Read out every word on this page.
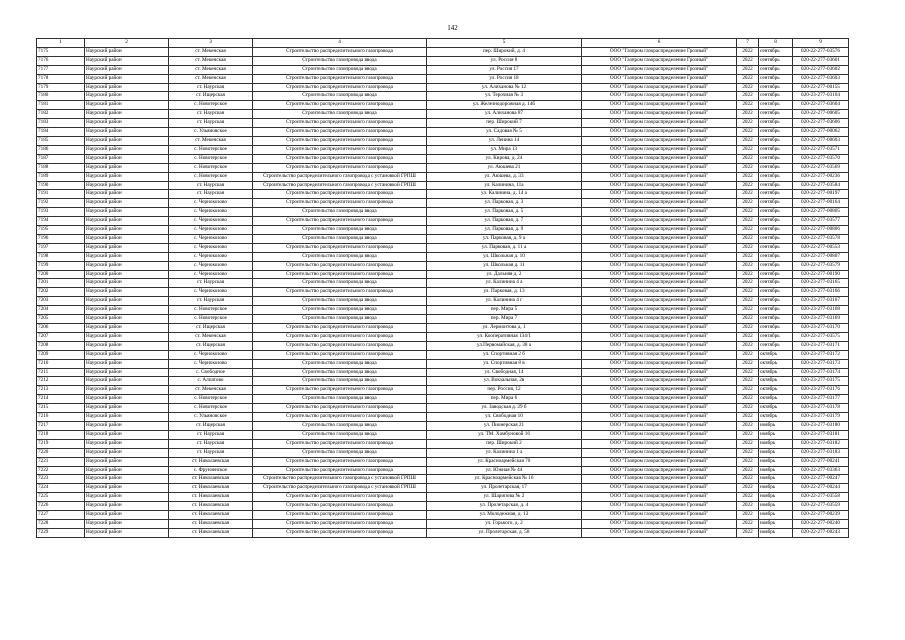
142
1	2	3	4	5	6	7	8	9
7175	Наурский район	ст. Мекенская	Строительство распределительного газопровода	пер. Широкий, д. 4	ООО "Газпром газораспределение Грозный"	2022	сентябрь	020-22-277-03576
7176	Наурский район	ст. Мекенская	Строительство газопровода ввода	ул. Россия 8	ООО "Газпром газораспределение Грозный"	2022	сентябрь	020-22-277-03601
7177	Наурский район	ст. Мекенская	Строительство газопровода ввода	ул. Россия 17	ООО "Газпром газораспределение Грозный"	2022	сентябрь	020-22-277-03602
7178	Наурский район	ст. Мекенская	Строительство распределительного газопровода	ул. Россия 18	ООО "Газпром газораспределение Грозный"	2022	сентябрь	020-22-277-03603
7179	Наурский район	ст. Наурская	Строительство распределительного газопровода	ул. Алиханова № 12	ООО "Газпром газораспределение Грозный"	2022	сентябрь	020-22-277-00155
7180	Наурский район	ст. Ищерская	Строительство газопровода ввода	ул. Терочная № 3	ООО "Газпром газораспределение Грозный"	2022	сентябрь	020-23-277-03164
7181	Наурский район	с. Новотерское	Строительство распределительного газопровода	ул. Железнодорожная д. 14б	ООО "Газпром газораспределение Грозный"	2022	сентябрь	020-22-277-03604
7182	Наурский район	ст. Наурская	Строительство газопровода ввода	ул. Алиханова 87	ООО "Газпром газораспределение Грозный"	2022	сентябрь	020-22-277-00605
7183	Наурский район	ст. Наурская	Строительство распределительного газопровода	пер. Широкий 7	ООО "Газпром газораспределение Грозный"	2022	сентябрь	020-22-277-03606
7184	Наурский район	с. Ульяновское	Строительство распределительного газопровода	ул. Садовая № 5	ООО "Газпром газораспределение Грозный"	2022	сентябрь	020-22-277-00062
7185	Наурский район	ст. Мекенская	Строительство распределительного газопровода	ул. Ленина 14	ООО "Газпром газораспределение Грозный"	2022	сентябрь	020-22-277-00603
7186	Наурский район	с. Новотерское	Строительство распределительного газопровода	ул. Мира 13	ООО "Газпром газораспределение Грозный"	2022	сентябрь	020-22-277-03571
7187	Наурский район	с. Новотерское	Строительство распределительного газопровода	ул. Кирова, д. 24	ООО "Газпром газораспределение Грозный"	2022	сентябрь	020-22-277-03570
7188	Наурский район	с. Новотерское	Строительство распределительного газопровода	ул. Аюшева 21	ООО "Газпром газораспределение Грозный"	2022	сентябрь	020-22-277-03569
7189	Наурский район	с. Новотерское	Строительство распределительного газопровода с установкой ГРПШ	ул. Аюшева, д. 33	ООО "Газпром газораспределение Грозный"	2022	сентябрь	020-22-277-00236
7190	Наурский район	ст. Наурская	Строительство распределительного газопровода с установкой ГРПШ	ул. Калинина, 11а	ООО "Газпром газораспределение Грозный"	2022	сентябрь	020-22-277-03584
7191	Наурский район	ст. Наурская	Строительство распределительного газопровода	ул. Калинина, д. 14 а	ООО "Газпром газораспределение Грозный"	2022	сентябрь	020-22-277-00197
7192	Наурский район	с. Чернокозово	Строительство распределительного газопровода	ул. Парковая, д. 3	ООО "Газпром газораспределение Грозный"	2022	сентябрь	020-22-277-00164
7193	Наурский район	с. Чернокозово	Строительство газопровода ввода	ул. Парковая, д. 5	ООО "Газпром газораспределение Грозный"	2022	сентябрь	020-22-277-00805
7194	Наурский район	с. Чернокозово	Строительство распределительного газопровода	ул. Парковая, д. 7	ООО "Газпром газораспределение Грозный"	2022	сентябрь	020-22-277-03577
7195	Наурский район	с. Чернокозово	Строительство газопровода ввода	ул. Парковая, д. 9	ООО "Газпром газораспределение Грозный"	2022	сентябрь	020-22-277-00806
7196	Наурский район	с. Чернокозово	Строительство газопровода ввода	ул. Парковая, д. 9 а	ООО "Газпром газораспределение Грозный"	2022	сентябрь	020-22-277-03578
7197	Наурский район	с. Чернокозово	Строительство распределительного газопровода	ул. Парковая, д. 11 а	ООО "Газпром газораспределение Грозный"	2022	сентябрь	020-22-277-00553
7198	Наурский район	с. Чернокозово	Строительство газопровода ввода	ул. Школьная д. 10	ООО "Газпром газораспределение Грозный"	2022	сентябрь	020-22-277-00807
7199	Наурский район	с. Чернокозово	Строительство распределительного газопровода	ул. Школьная д. 11	ООО "Газпром газораспределение Грозный"	2022	сентябрь	020-22-277-03579
7200	Наурский район	с. Чернокозово	Строительство распределительного газопровода	ул. Дальняя д. 2	ООО "Газпром газораспределение Грозный"	2022	сентябрь	020-22-277-00190
7201	Наурский район	ст. Наурская	Строительство газопровода ввода	ул. Калинина 4 а	ООО "Газпром газораспределение Грозный"	2022	сентябрь	020-23-277-03165
7202	Наурский район	с. Чернокозово	Строительство распределительного газопровода	ул. Парковая, д. 13	ООО "Газпром газораспределение Грозный"	2022	сентябрь	020-23-277-03166
7203	Наурский район	ст. Наурская	Строительство газопровода ввода	ул. Калинина 4 г	ООО "Газпром газораспределение Грозный"	2022	сентябрь	020-23-277-03167
7204	Наурский район	с. Новотерское	Строительство газопровода ввода	пер. Мира 5	ООО "Газпром газораспределение Грозный"	2022	сентябрь	020-23-277-03168
7205	Наурский район	с. Новотерское	Строительство газопровода ввода	пер. Мира 7	ООО "Газпром газораспределение Грозный"	2022	сентябрь	020-23-277-03169
7206	Наурский район	ст. Ищерская	Строительство распределительного газопровода	ул. Лермонтова д. 1	ООО "Газпром газораспределение Грозный"	2022	сентябрь	020-23-277-03170
7207	Наурский район	ст. Мекенская	Строительство распределительного газопровода	ул. Кооперативная 134/1	ООО "Газпром газораспределение Грозный"	2022	сентябрь	020-22-277-03575
7208	Наурский район	ст. Ищерская	Строительство распределительного газопровода	ул.Первомайская, д. 38 а	ООО "Газпром газораспределение Грозный"	2022	сентябрь	020-23-277-03171
7209	Наурский район	с. Чернокозово	Строительство распределительного газопровода	ул. Спортивная 2 б	ООО "Газпром газораспределение Грозный"	2022	октябрь	020-23-277-03172
7210	Наурский район	с. Чернокозово	Строительство газопровода ввода	ул. Спортивная 8 в	ООО "Газпром газораспределение Грозный"	2022	октябрь	020-23-277-03173
7211	Наурский район	с. Свободное	Строительство газопровода ввода	ул. Свободная, 14	ООО "Газпром газораспределение Грозный"	2022	октябрь	020-23-277-03174
7212	Наурский район	с. Алпатово	Строительство газопровода ввода	ул. Вокзальная, 2в	ООО "Газпром газораспределение Грозный"	2022	октябрь	020-23-277-03175
7213	Наурский район	ст. Мекенская	Строительство распределительного газопровода	пер. Россия, 12	ООО "Газпром газораспределение Грозный"	2022	октябрь	020-23-277-03176
7214	Наурский район	с. Новотерское	Строительство газопровода ввода	пер. Мира 6	ООО "Газпром газораспределение Грозный"	2022	октябрь	020-23-277-03177
7215	Наурский район	с. Новотерское	Строительство распределительного газопровода	ул. Заводская д. 29 б	ООО "Газпром газораспределение Грозный"	2022	октябрь	020-23-277-03178
7216	Наурский район	с. Ульяновское	Строительство распределительного газопровода	ул. Свободная 10	ООО "Газпром газораспределение Грозный"	2022	октябрь	020-23-277-03179
7217	Наурский район	ст. Ищерская	Строительство газопровода ввода	ул. Пионерская 21	ООО "Газпром газораспределение Грозный"	2022	ноябрь	020-23-277-03180
7218	Наурский район	ст. Наурская	Строительство газопровода ввода	ул. ТМ. Хамбуновой 16	ООО "Газпром газораспределение Грозный"	2022	ноябрь	020-23-277-03181
7219	Наурский район	ст. Наурская	Строительство распределительного газопровода	пер. Широкий 2	ООО "Газпром газораспределение Грозный"	2022	ноябрь	020-23-277-03182
7220	Наурский район	ст. Наурская	Строительство газопровода ввода	ул. Калинина 1 а	ООО "Газпром газораспределение Грозный"	2022	ноябрь	020-23-277-03183
7221	Наурский район	ст. Николаевская	Строительство распределительного газопровода	ул. Красноармейская 70	ООО "Газпром газораспределение Грозный"	2022	ноябрь	020-22-277-00241
7222	Наурский район	с. Фрунзенское	Строительство распределительного газопровода	ул. Южная № 44	ООО "Газпром газораспределение Грозный"	2022	ноябрь	020-22-277-03363
7223	Наурский район	ст. Николаевская	Строительство распределительного газопровода с установкой ГРПШ	ул. Красноармейская № 16	ООО "Газпром газораспределение Грозный"	2022	ноябрь	020-22-277-00247
7224	Наурский район	ст. Николаевская	Строительство распределительного газопровода с установкой ГРПШ	ул. Пролетарская, 17	ООО "Газпром газораспределение Грозный"	2022	ноябрь	020-22-277-00244
7225	Наурский район	ст. Николаевская	Строительство распределительного газопровода	ул. Шарипова № 2	ООО "Газпром газораспределение Грозный"	2022	ноябрь	020-22-277-03558
7226	Наурский район	ст. Николаевская	Строительство распределительного газопровода	ул. Пролетарская, д. 4	ООО "Газпром газораспределение Грозный"	2022	ноябрь	020-22-277-03559
7227	Наурский район	ст. Николаевская	Строительство распределительного газопровода	ул. Молодежная, д. 13	ООО "Газпром газораспределение Грозный"	2022	ноябрь	020-22-277-00239
7228	Наурский район	ст. Николаевская	Строительство распределительного газопровода	ул. Горького, д. 2	ООО "Газпром газораспределение Грозный"	2022	ноябрь	020-22-277-00240
7229	Наурский район	ст. Николаевская	Строительство распределительного газопровода	ул. Пролетарская, д. 58	ООО "Газпром газораспределение Грозный"	2022	ноябрь	020-22-277-00243
